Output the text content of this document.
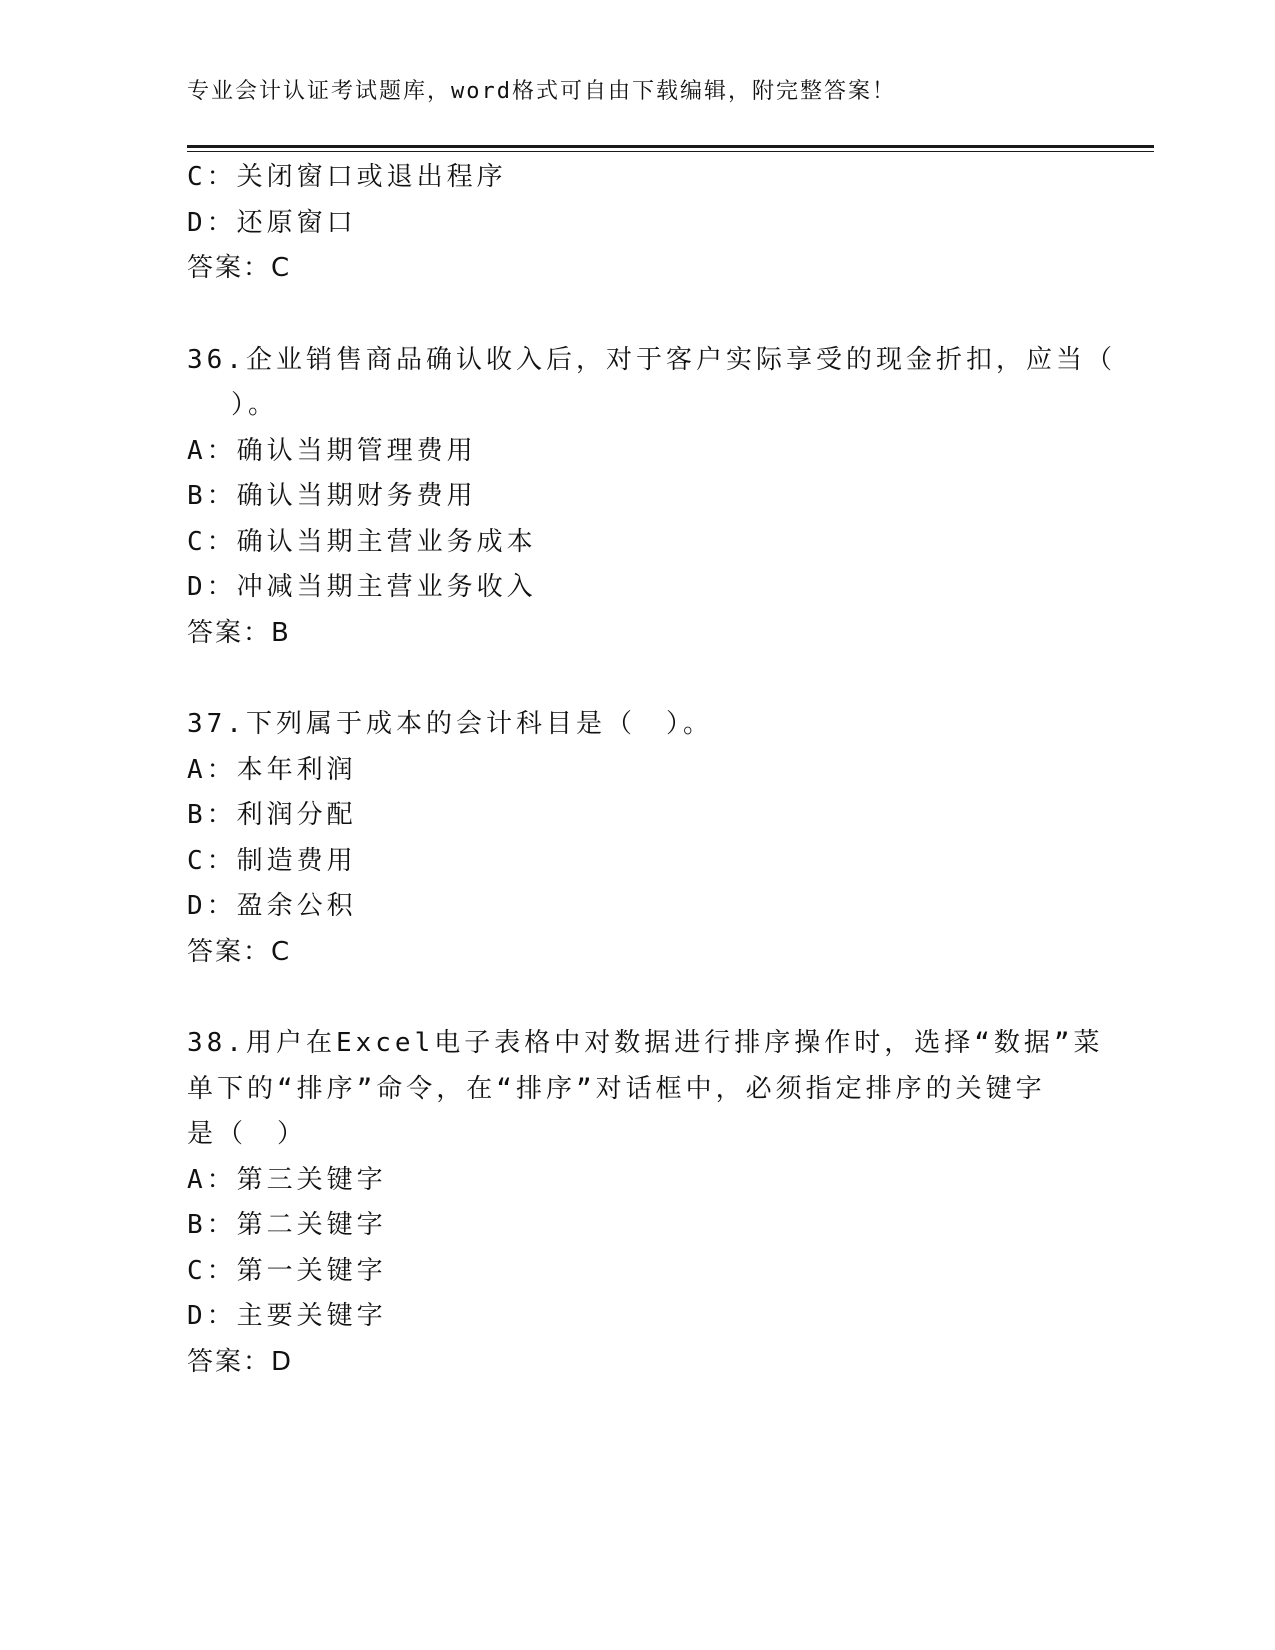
专业会计认证考试题库，word格式可自由下载编辑，附完整答案！
C：关闭窗口或退出程序
D：还原窗口
答案：C
36.企业销售商品确认收入后，对于客户实际享受的现金折扣，应当（
）。
A：确认当期管理费用
B：确认当期财务费用
C：确认当期主营业务成本
D：冲减当期主营业务收入
答案：B
37.下列属于成本的会计科目是（　）。
A：本年利润
B：利润分配
C：制造费用
D：盈余公积
答案：C
38.用户在Excel电子表格中对数据进行排序操作时，选择“数据”菜
单下的“排序”命令，在“排序”对话框中，必须指定排序的关键字
是（　）
A：第三关键字
B：第二关键字
C：第一关键字
D：主要关键字
答案：D
